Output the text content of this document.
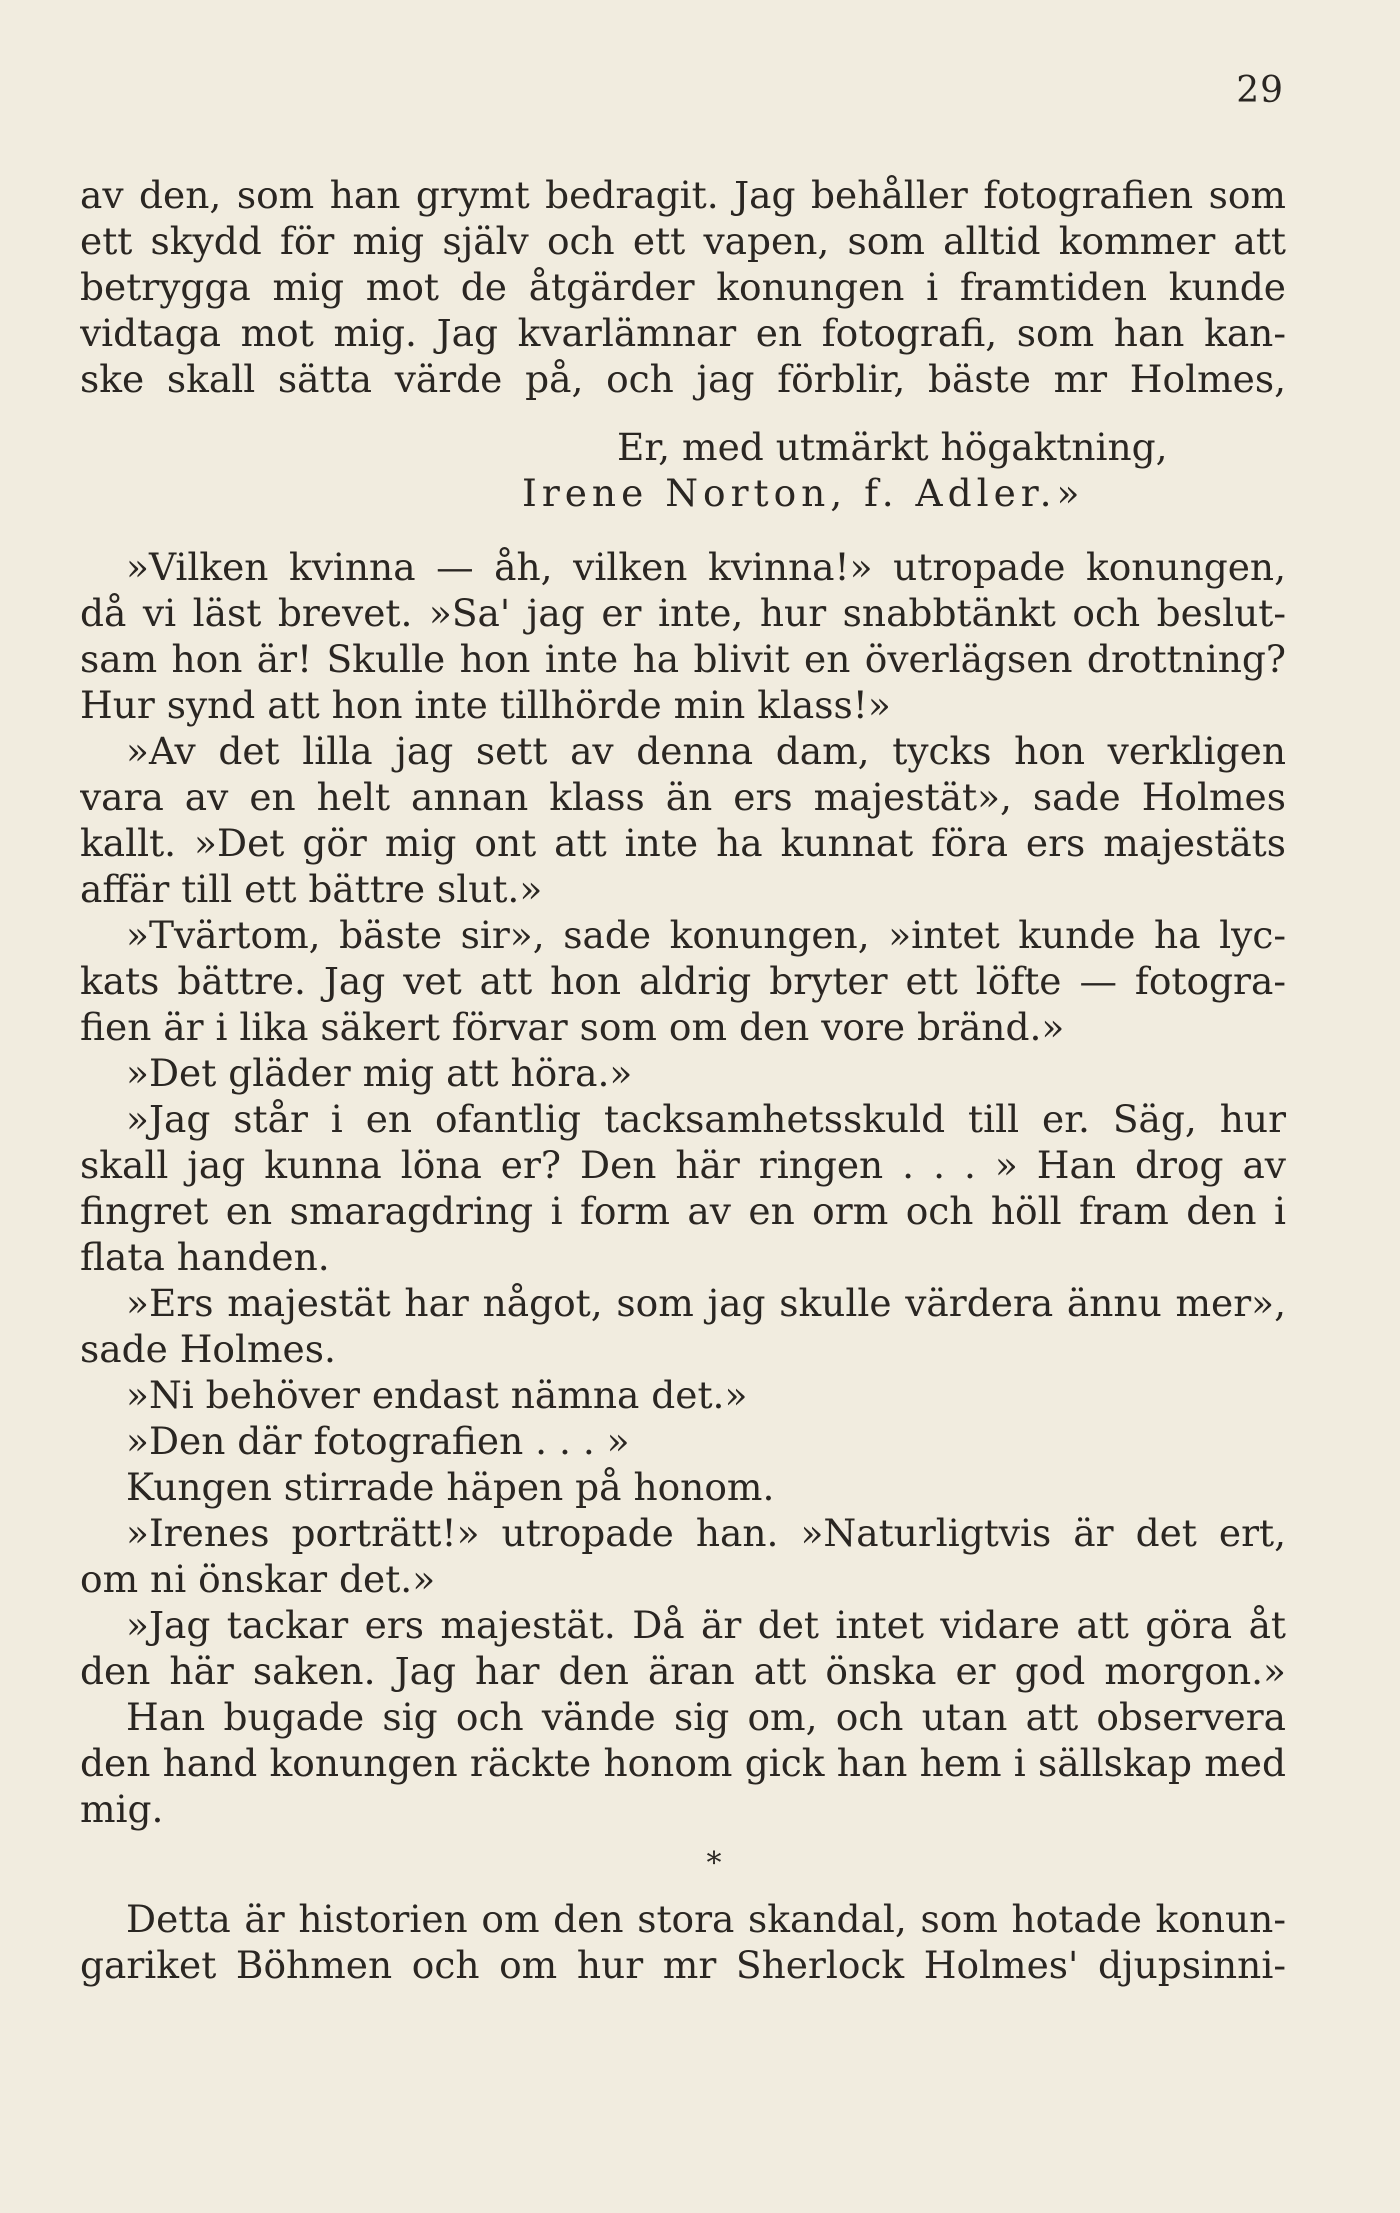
29
av den, som han grymt bedragit. Jag behåller fotografien som
ett skydd för mig själv och ett vapen, som alltid kommer att
betrygga mig mot de åtgärder konungen i framtiden kunde
vidtaga mot mig. Jag kvarlämnar en fotografi, som han kan-
ske skall sätta värde på, och jag förblir, bäste mr Holmes,
Er, med utmärkt högaktning,
Irene Norton, f. Adler.»
»Vilken kvinna — åh, vilken kvinna!» utropade konungen,
då vi läst brevet. »Sa' jag er inte, hur snabbtänkt och beslut-
sam hon är! Skulle hon inte ha blivit en överlägsen drottning?
Hur synd att hon inte tillhörde min klass!»
»Av det lilla jag sett av denna dam, tycks hon verkligen
vara av en helt annan klass än ers majestät», sade Holmes
kallt. »Det gör mig ont att inte ha kunnat föra ers majestäts
affär till ett bättre slut.»
»Tvärtom, bäste sir», sade konungen, »intet kunde ha lyc-
kats bättre. Jag vet att hon aldrig bryter ett löfte — fotogra-
fien är i lika säkert förvar som om den vore bränd.»
»Det gläder mig att höra.»
»Jag står i en ofantlig tacksamhetsskuld till er. Säg, hur
skall jag kunna löna er? Den här ringen . . . » Han drog av
fingret en smaragdring i form av en orm och höll fram den i
flata handen.
»Ers majestät har något, som jag skulle värdera ännu mer»,
sade Holmes.
»Ni behöver endast nämna det.»
»Den där fotografien . . . »
Kungen stirrade häpen på honom.
»Irenes porträtt!» utropade han. »Naturligtvis är det ert,
om ni önskar det.»
»Jag tackar ers majestät. Då är det intet vidare att göra åt
den här saken. Jag har den äran att önska er god morgon.»
Han bugade sig och vände sig om, och utan att observera
den hand konungen räckte honom gick han hem i sällskap med
mig.
*
Detta är historien om den stora skandal, som hotade konun-
gariket Böhmen och om hur mr Sherlock Holmes' djupsinni-
